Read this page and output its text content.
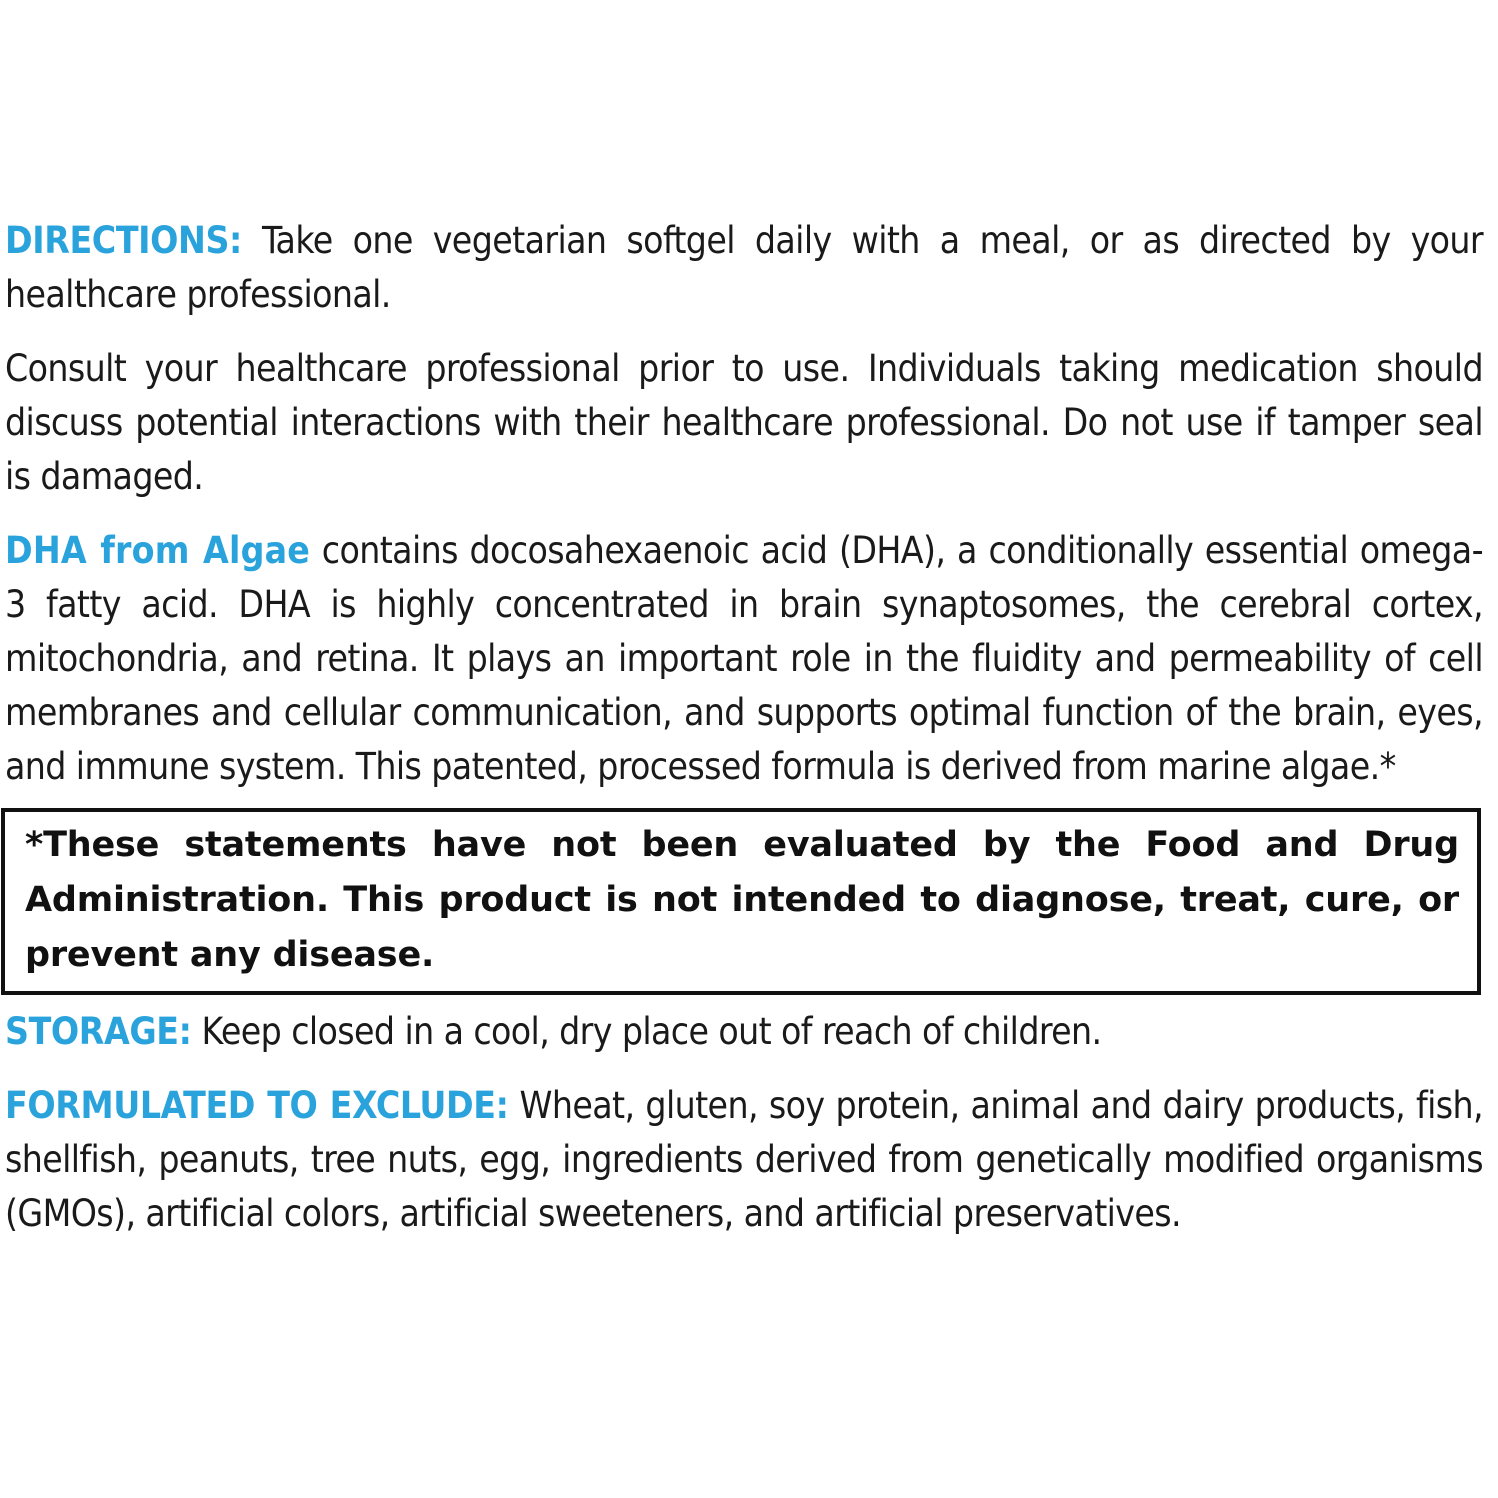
DIRECTIONS: Take one vegetarian softgel daily with a meal, or as directed by your healthcare professional.

Consult your healthcare professional prior to use. Individuals taking medication should discuss potential interactions with their healthcare professional. Do not use if tamper seal is damaged.

DHA from Algae contains docosahexaenoic acid (DHA), a conditionally essential omega-3 fatty acid. DHA is highly concentrated in brain synaptosomes, the cerebral cortex, mitochondria, and retina. It plays an important role in the fluidity and permeability of cell membranes and cellular communication, and supports optimal function of the brain, eyes, and immune system. This patented, processed formula is derived from marine algae.*

*These statements have not been evaluated by the Food and Drug Administration. This product is not intended to diagnose, treat, cure, or prevent any disease.

STORAGE: Keep closed in a cool, dry place out of reach of children.

FORMULATED TO EXCLUDE: Wheat, gluten, soy protein, animal and dairy products, fish, shellfish, peanuts, tree nuts, egg, ingredients derived from genetically modified organisms (GMOs), artificial colors, artificial sweeteners, and artificial preservatives.
